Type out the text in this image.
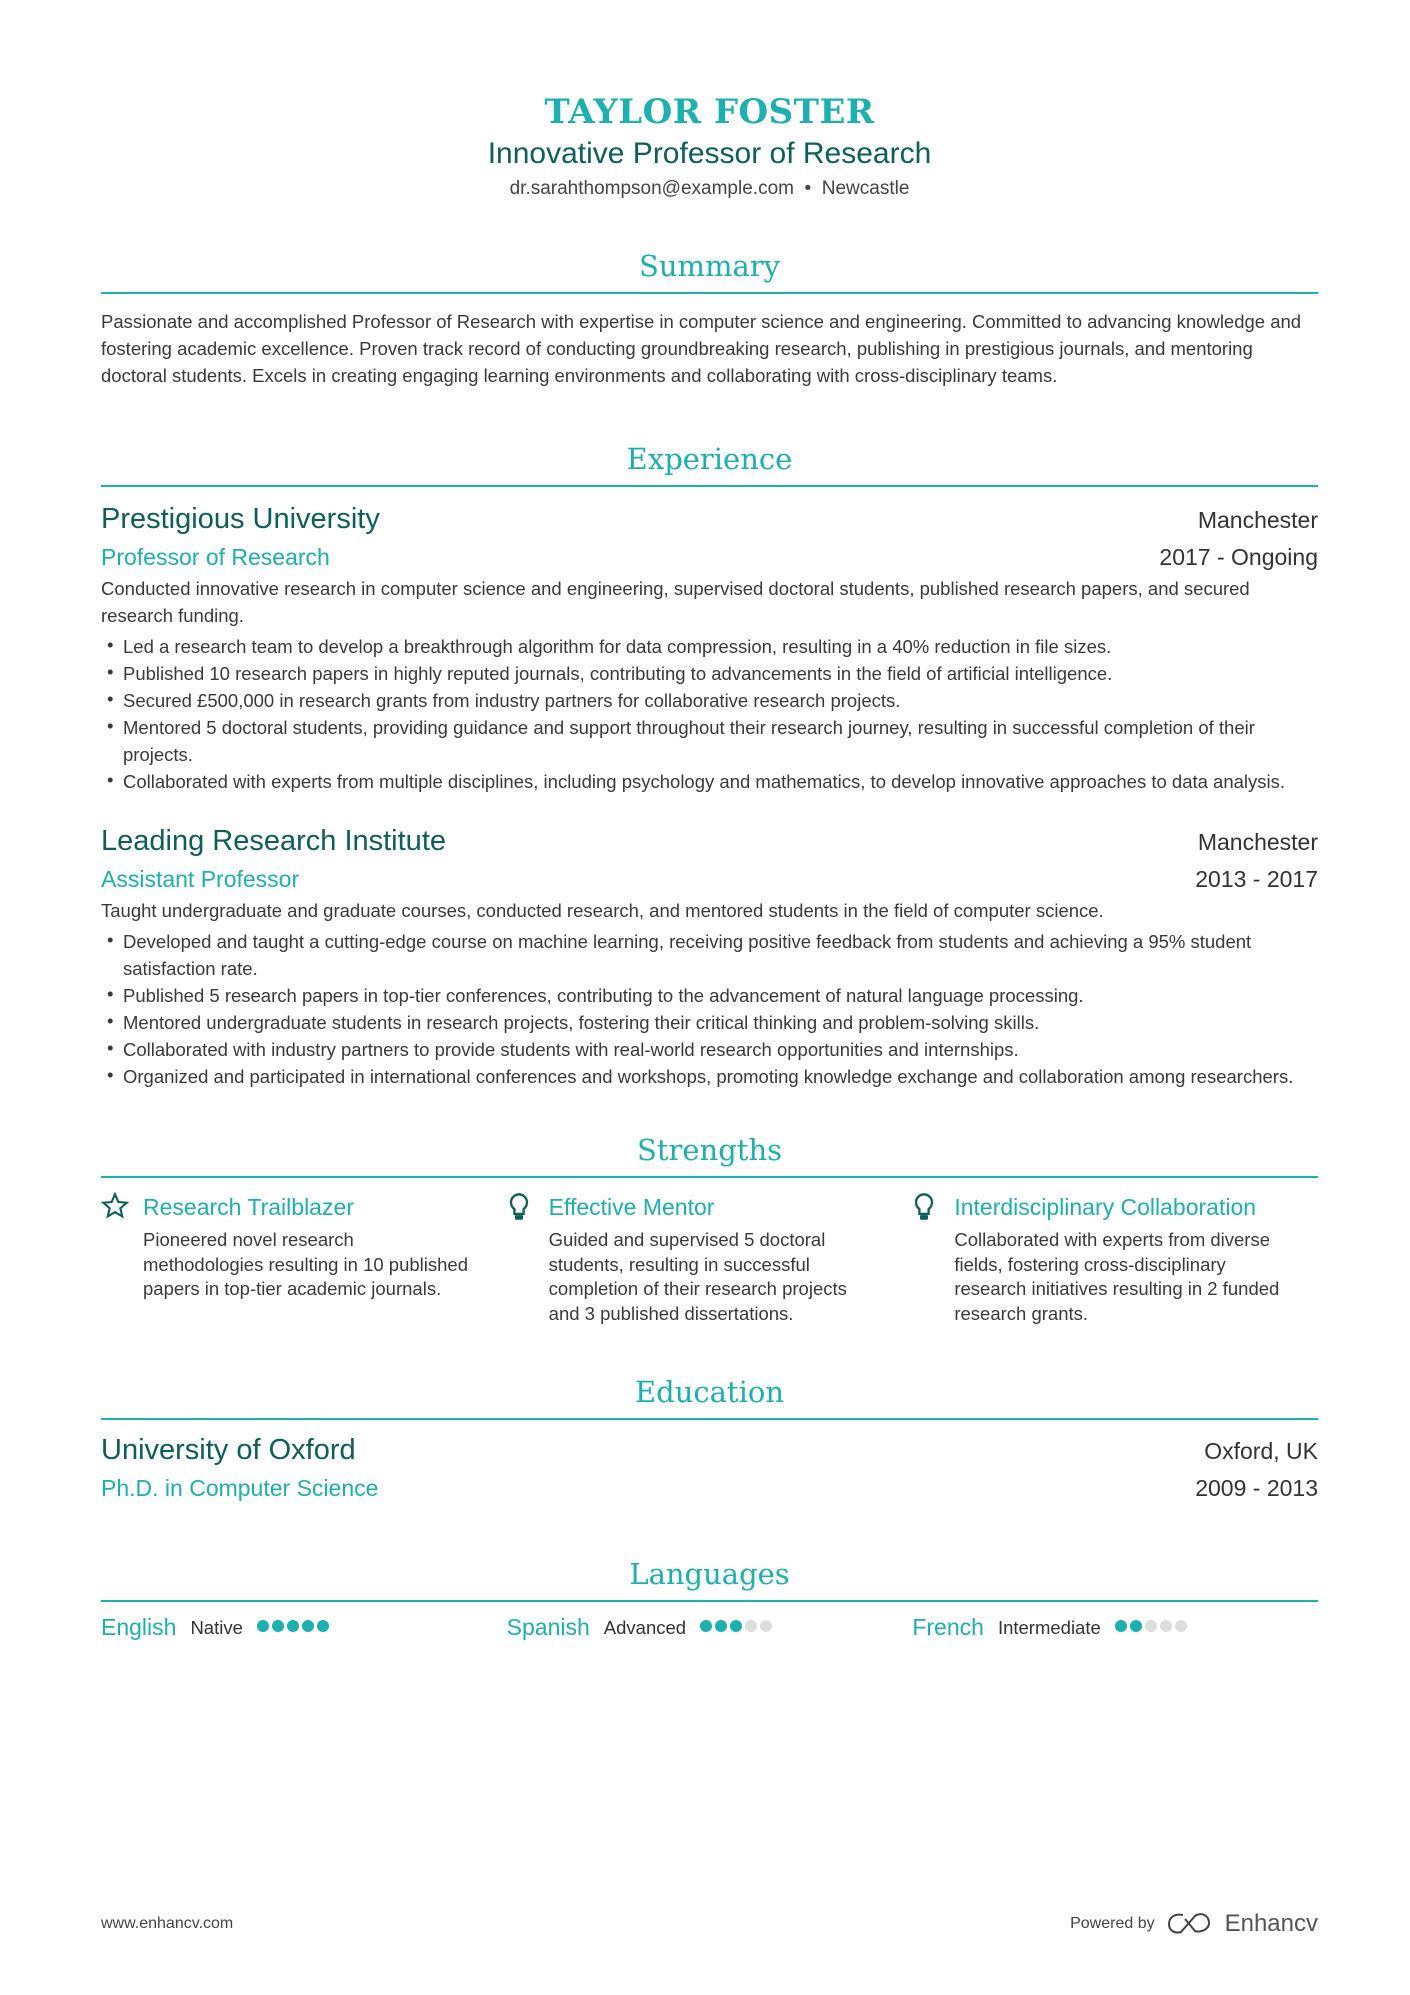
TAYLOR FOSTER
Innovative Professor of Research
dr.sarahthompson@example.com • Newcastle
Summary

Passionate and accomplished Professor of Research with expertise in computer science and engineering. Committed to advancing knowledge and fostering academic excellence. Proven track record of conducting groundbreaking research, publishing in prestigious journals, and mentoring doctoral students. Excels in creating engaging learning environments and collaborating with cross-disciplinary teams.

Experience
Prestigious University	Manchester
Professor of Research	2017 - Ongoing

Conducted innovative research in computer science and engineering, supervised doctoral students, published research papers, and secured research funding.

• Led a research team to develop a breakthrough algorithm for data compression, resulting in a 40% reduction in file sizes.
• Published 10 research papers in highly reputed journals, contributing to advancements in the field of artificial intelligence.
• Secured £500,000 in research grants from industry partners for collaborative research projects.
• Mentored 5 doctoral students, providing guidance and support throughout their research journey, resulting in successful completion of their projects.
• Collaborated with experts from multiple disciplines, including psychology and mathematics, to develop innovative approaches to data analysis.
Leading Research Institute	Manchester
Assistant Professor	2013 - 2017

Taught undergraduate and graduate courses, conducted research, and mentored students in the field of computer science.

• Developed and taught a cutting-edge course on machine learning, receiving positive feedback from students and achieving a 95% student satisfaction rate.
• Published 5 research papers in top-tier conferences, contributing to the advancement of natural language processing.
• Mentored undergraduate students in research projects, fostering their critical thinking and problem-solving skills.
• Collaborated with industry partners to provide students with real-world research opportunities and internships.
• Organized and participated in international conferences and workshops, promoting knowledge exchange and collaboration among researchers.
Strengths
Research Trailblazer

Pioneered novel research methodologies resulting in 10 published papers in top-tier academic journals.

Effective Mentor

Guided and supervised 5 doctoral students, resulting in successful completion of their research projects and 3 published dissertations.

Interdisciplinary Collaboration

Collaborated with experts from diverse fields, fostering cross-disciplinary research initiatives resulting in 2 funded research grants.

Education
University of Oxford	Oxford, UK
Ph.D. in Computer Science	2009 - 2013
Languages
English Native	Spanish Advanced	French Intermediate
www.enhancv.com	Powered by	Enhancv
